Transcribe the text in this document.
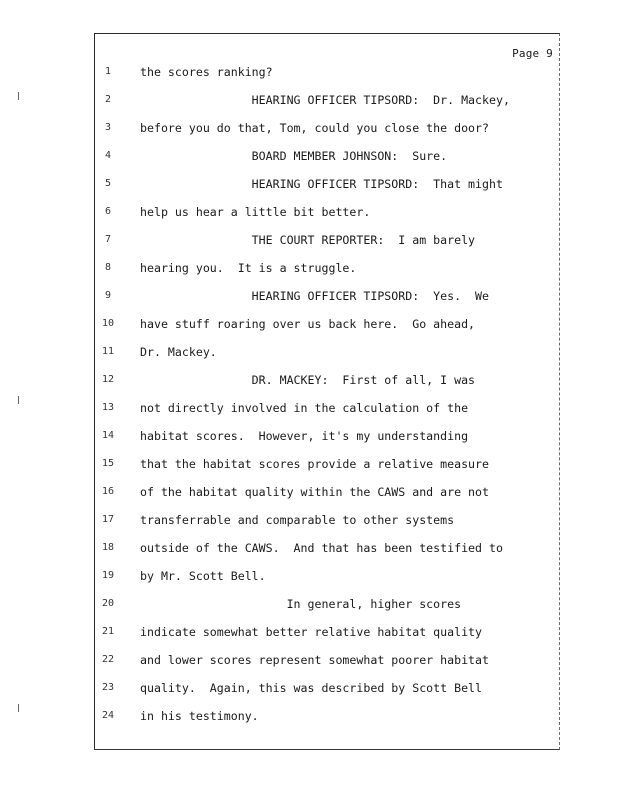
Page 9
1	the scores ranking?
2	HEARING OFFICER TIPSORD:  Dr. Mackey,
3	before you do that, Tom, could you close the door?
4	BOARD MEMBER JOHNSON:  Sure.
5	HEARING OFFICER TIPSORD:  That might
6	help us hear a little bit better.
7	THE COURT REPORTER:  I am barely
8	hearing you.  It is a struggle.
9	HEARING OFFICER TIPSORD:  Yes.  We
10	have stuff roaring over us back here.  Go ahead,
11	Dr. Mackey.
12	DR. MACKEY:  First of all, I was
13	not directly involved in the calculation of the
14	habitat scores.  However, it's my understanding
15	that the habitat scores provide a relative measure
16	of the habitat quality within the CAWS and are not
17	transferrable and comparable to other systems
18	outside of the CAWS.  And that has been testified to
19	by Mr. Scott Bell.
20	In general, higher scores
21	indicate somewhat better relative habitat quality
22	and lower scores represent somewhat poorer habitat
23	quality.  Again, this was described by Scott Bell
24	in his testimony.
